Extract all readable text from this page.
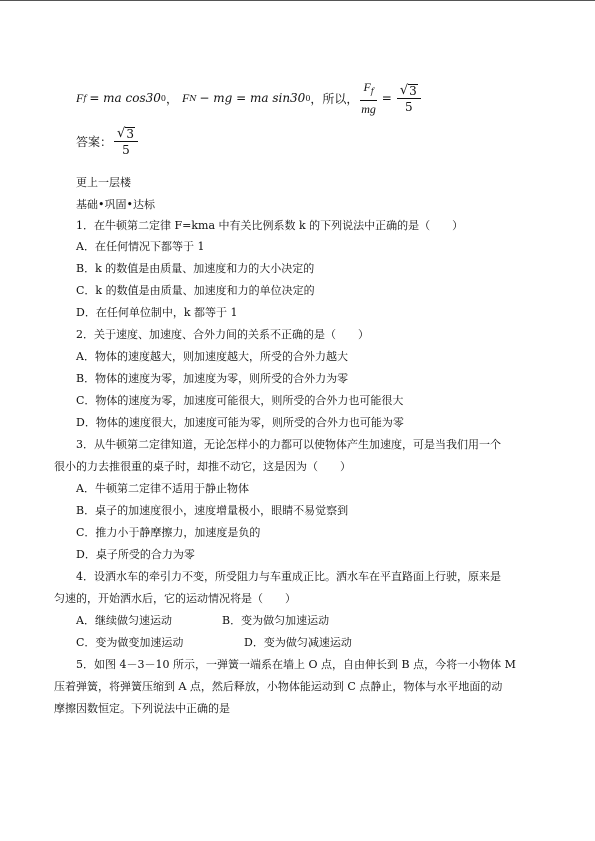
F f = ma cos30 0 ， F N − mg = ma sin30 0 ，所以， $\frac{F_f}{mg} = \frac{√ 3}{5}$
答案： $\frac{√ 3}{5}$
更上一层楼
基础•巩固•达标
1．在牛顿第二定律 F=kma 中有关比例系数 k 的下列说法中正确的是（　　）
A．在任何情况下都等于 1
B．k 的数值是由质量、加速度和力的大小决定的
C．k 的数值是由质量、加速度和力的单位决定的
D．在任何单位制中，k 都等于 1
2．关于速度、加速度、合外力间的关系不正确的是（　　）
A．物体的速度越大，则加速度越大，所受的合外力越大
B．物体的速度为零，加速度为零，则所受的合外力为零
C．物体的速度为零，加速度可能很大，则所受的合外力也可能很大
D．物体的速度很大，加速度可能为零，则所受的合外力也可能为零
3．从牛顿第二定律知道，无论怎样小的力都可以使物体产生加速度，可是当我们用一个
很小的力去推很重的桌子时，却推不动它，这是因为（　　）
A．牛顿第二定律不适用于静止物体
B．桌子的加速度很小，速度增量极小，眼睛不易觉察到
C．推力小于静摩擦力，加速度是负的
D．桌子所受的合力为零
4．设洒水车的牵引力不变，所受阻力与车重成正比。洒水车在平直路面上行驶，原来是
匀速的，开始洒水后，它的运动情况将是（　　）
A．继续做匀速运动	B．变为做匀加速运动
C．变为做变加速运动	D．变为做匀减速运动
5．如图 4－3－10 所示，一弹簧一端系在墙上 O 点，自由伸长到 B 点，今将一小物体 M
压着弹簧，将弹簧压缩到 A 点，然后释放，小物体能运动到 C 点静止，物体与水平地面的动
摩擦因数恒定。下列说法中正确的是
